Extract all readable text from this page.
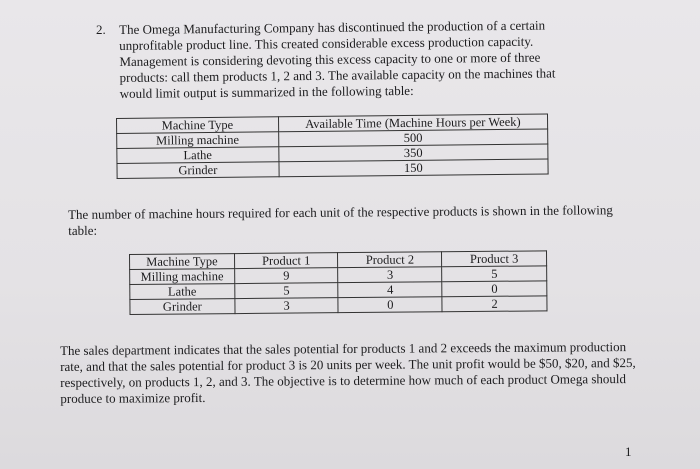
2. The Omega Manufacturing Company has discontinued the production of a certain unprofitable product line. This created considerable excess production capacity. Management is considering devoting this excess capacity to one or more of three products: call them products 1, 2 and 3. The available capacity on the machines that would limit output is summarized in the following table:
Machine Type	Available Time (Machine Hours per Week)
Milling machine	500
Lathe	350
Grinder	150
The number of machine hours required for each unit of the respective products is shown in the following table:
Machine Type	Product 1	Product 2	Product 3
Milling machine	9	3	5
Lathe	5	4	0
Grinder	3	0	2
The sales department indicates that the sales potential for products 1 and 2 exceeds the maximum production rate, and that the sales potential for product 3 is 20 units per week. The unit profit would be $50, $20, and $25, respectively, on products 1, 2, and 3. The objective is to determine how much of each product Omega should produce to maximize profit.
1
